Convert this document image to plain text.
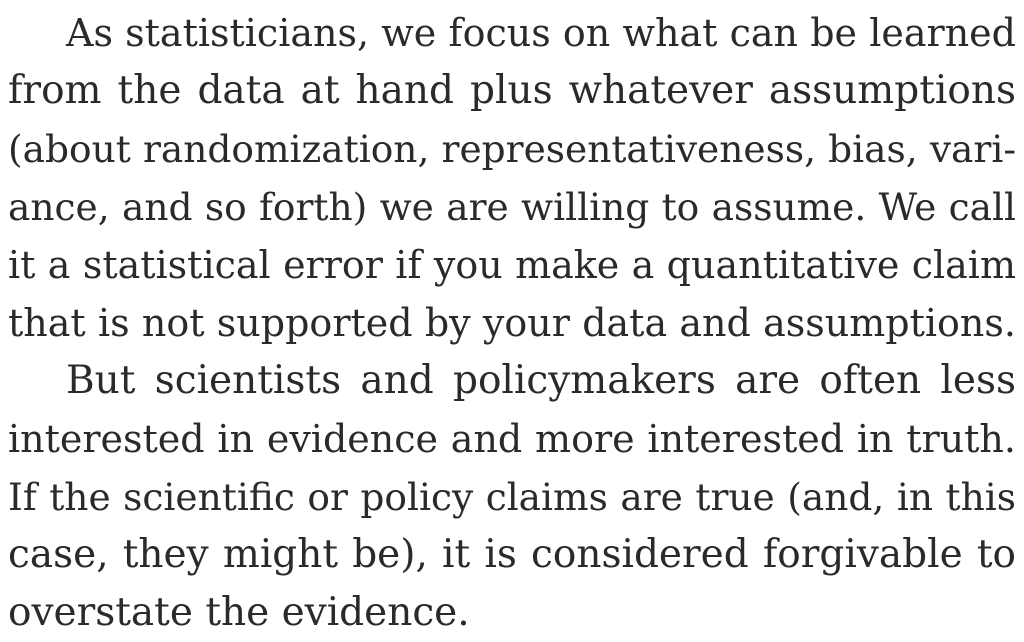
As statisticians, we focus on what can be learned
from the data at hand plus whatever assumptions
(about randomization, representativeness, bias, vari-
ance, and so forth) we are willing to assume. We call
it a statistical error if you make a quantitative claim
that is not supported by your data and assumptions.
But scientists and policymakers are often less
interested in evidence and more interested in truth.
If the scientific or policy claims are true (and, in this
case, they might be), it is considered forgivable to
overstate the evidence.
